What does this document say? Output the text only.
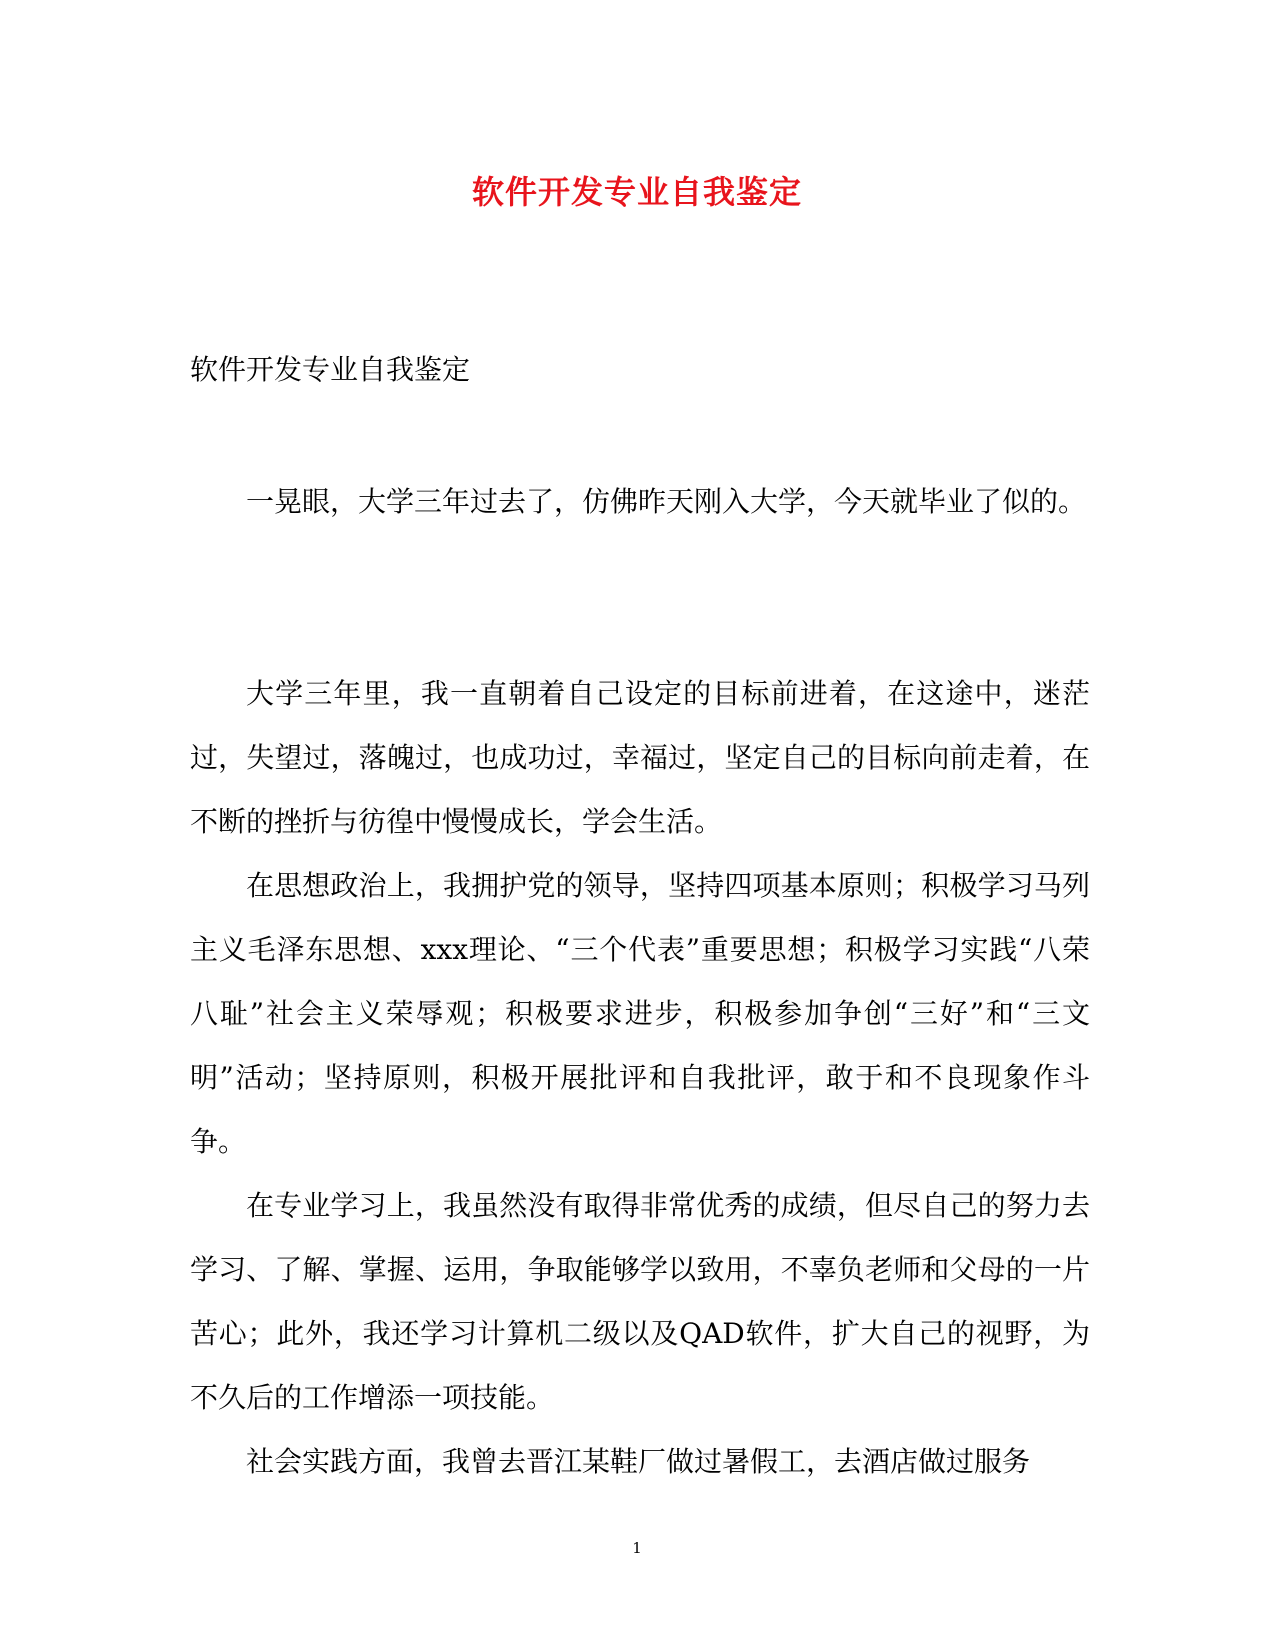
软件开发专业自我鉴定

软件开发专业自我鉴定

一晃眼，大学三年过去了，仿佛昨天刚入大学，今天就毕业了似的。

大学三年里，我一直朝着自己设定的目标前进着，在这途中，迷茫过，失望过，落魄过，也成功过，幸福过，坚定自己的目标向前走着，在不断的挫折与彷徨中慢慢成长，学会生活。

在思想政治上，我拥护党的领导，坚持四项基本原则；积极学习马列主义毛泽东思想、xxx理论、“三个代表”重要思想；积极学习实践“八荣八耻”社会主义荣辱观；积极要求进步，积极参加争创“三好”和“三文明”活动；坚持原则，积极开展批评和自我批评，敢于和不良现象作斗争。

在专业学习上，我虽然没有取得非常优秀的成绩，但尽自己的努力去学习、了解、掌握、运用，争取能够学以致用，不辜负老师和父母的一片苦心；此外，我还学习计算机二级以及QAD软件，扩大自己的视野，为不久后的工作增添一项技能。

社会实践方面，我曾去晋江某鞋厂做过暑假工，去酒店做过服务

1
